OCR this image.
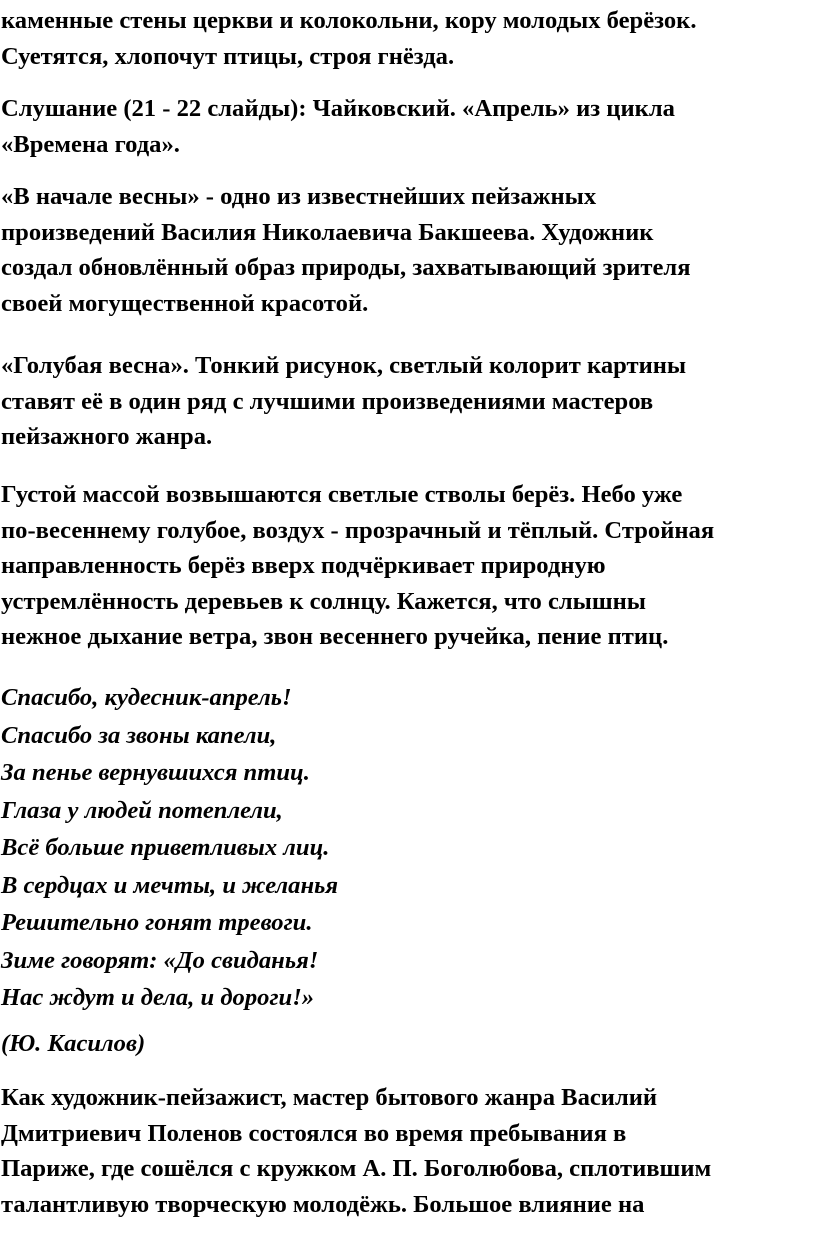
каменные стены церкви и колокольни, кору молодых берёзок.
Суетятся, хлопочут птицы, строя гнёзда.

Слушание (21 - 22 слайды): Чайковский. «Апрель» из цикла
«Времена года».

«В начале весны» - одно из известнейших пейзажных
произведений Василия Николаевича Бакшеева. Художник
создал обновлённый образ природы, захватывающий зрителя
своей могущественной красотой.

«Голубая весна». Тонкий рисунок, светлый колорит картины
ставят её в один ряд с лучшими произведениями мастеров
пейзажного жанра.

Густой массой возвышаются светлые стволы берёз. Небо уже
по-весеннему голубое, воздух - прозрачный и тёплый. Стройная
направленность берёз вверх подчёркивает природную
устремлённость деревьев к солнцу. Кажется, что слышны
нежное дыхание ветра, звон весеннего ручейка, пение птиц.

Спасибо, кудесник-апрель!
Спасибо за звоны капели,
За пенье вернувшихся птиц.
Глаза у людей потеплели,
Всё больше приветливых лиц.
В сердцах и мечты, и желанья
Решительно гонят тревоги.
Зиме говорят: «До свиданья!
Нас ждут и дела, и дороги!»

(Ю. Касилов)

Как художник-пейзажист, мастер бытового жанра Василий
Дмитриевич Поленов состоялся во время пребывания в
Париже, где сошёлся с кружком А. П. Боголюбова, сплотившим
талантливую творческую молодёжь. Большое влияние на
